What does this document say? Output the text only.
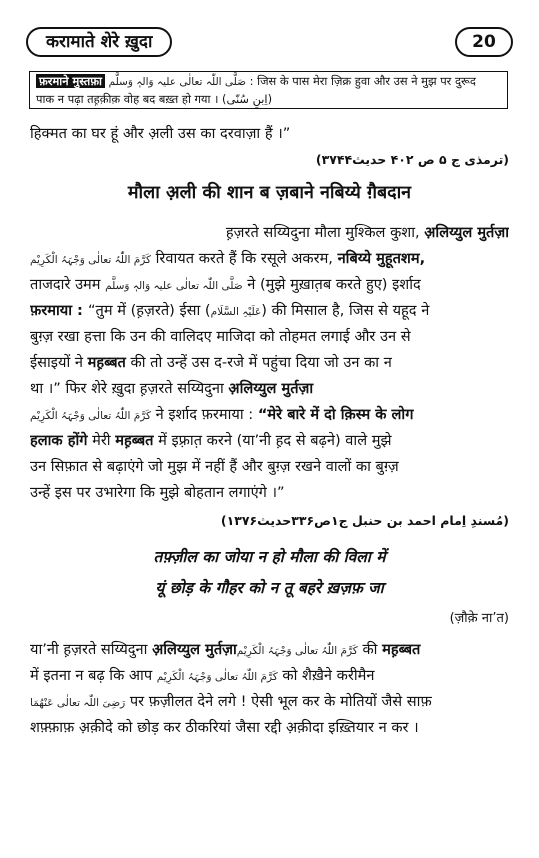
करामाते शेरे ख़ुदा	20
फ़रमाने मुस्तफ़ा صَلَّی اللّٰہ تعالٰی علیہ وَالہٖ وَسلَّم : जिस के पास मेरा ज़िक्र हुवा और उस ने मुझ पर दुरूद
पाक न पढ़ा तह़क़ीक़ वोह बद बख़्त हो गया । (اِبنِ سُنّی)
हिक्मत का घर हूं और अ़ली उस का दरवाज़ा हैं ।”
(ترمذی ج ۵ ص ۴۰۲ حدیث۳۷۴۴)
मौला अ़ली की शान ब ज़बाने नबिय्ये ग़ैबदान
ह़ज़रते सय्यिदुना मौला मुश्किल कुशा, अ़लिय्युल मुर्तज़ा
کَرَّمَ اللّٰہُ تعالٰی وَجْہَہُ الْکَرِیْم रिवायत करते हैं कि रसूले अकरम, नबिय्ये मुहूतशम,
ताजदारे उमम صَلَّی اللّٰہ تعالٰی علیہ وَالہٖ وَسلَّم ने (मुझे मुख़ात़ब करते हुए) इर्शाद
फ़रमाया : “तुम में (ह़ज़रते) ईसा (عَلَیْہِ السَّلَام) की मिसाल है, जिस से यहूद ने
बुग़्ज़ रखा हत्ता कि उन की वालिदए माजिदा को तोहमत लगाई और उन से
ईसाइयों ने मह़ब्बत की तो उन्हें उस द-रजे में पहुंचा दिया जो उन का न
था ।” फिर शेरे ख़ुदा ह़ज़रते सय्यिदुना अ़लिय्युल मुर्तज़ा
کَرَّمَ اللّٰہُ تعالٰی وَجْہَہُ الْکَرِیْم ने इर्शाद फ़रमाया : “मेरे बारे में दो क़िस्म के लोग
हलाक होंगे मेरी मह़ब्बत में इफ़्रात़ करने (या’नी ह़द से बढ़ने) वाले मुझे
उन सिफ़ात से बढ़ाएंगे जो मुझ में नहीं हैं और बुग़्ज़ रखने वालों का बुग़्ज़
उन्हें इस पर उभारेगा कि मुझे बोहतान लगाएंगे ।”
(مُسندِ اِمام احمد بن حنبل ج۱ص۳۳۶حدیث۱۳۷۶)
तफ़्ज़ील का जोया न हो मौला की विला में
यूं छोड़ के गौहर को न तू बहरे ख़ज़फ़ जा
(ज़ौक़े ना’त)
या’नी ह़ज़रते सय्यिदुना अ़लिय्युल मुर्तज़ाکَرَّمَ اللّٰہُ تعالٰی وَجْہَہُ الْکَرِیْم की मह़ब्बत
में इतना न बढ़ कि आप کَرَّمَ اللّٰہُ تعالٰی وَجْہَہُ الْکَرِیْم को शैख़ैने करीमैन
رَضِیَ اللّٰہ تعالٰی عَنْھُمَا पर फ़ज़ीलत देने लगे ! ऐसी भूल कर के मोतियों जैसे साफ़
शफ़्फ़ाफ़ अ़क़ीदे को छोड़ कर ठीकरियां जैसा रद्दी अ़क़ीदा इख़्तियार न कर ।
